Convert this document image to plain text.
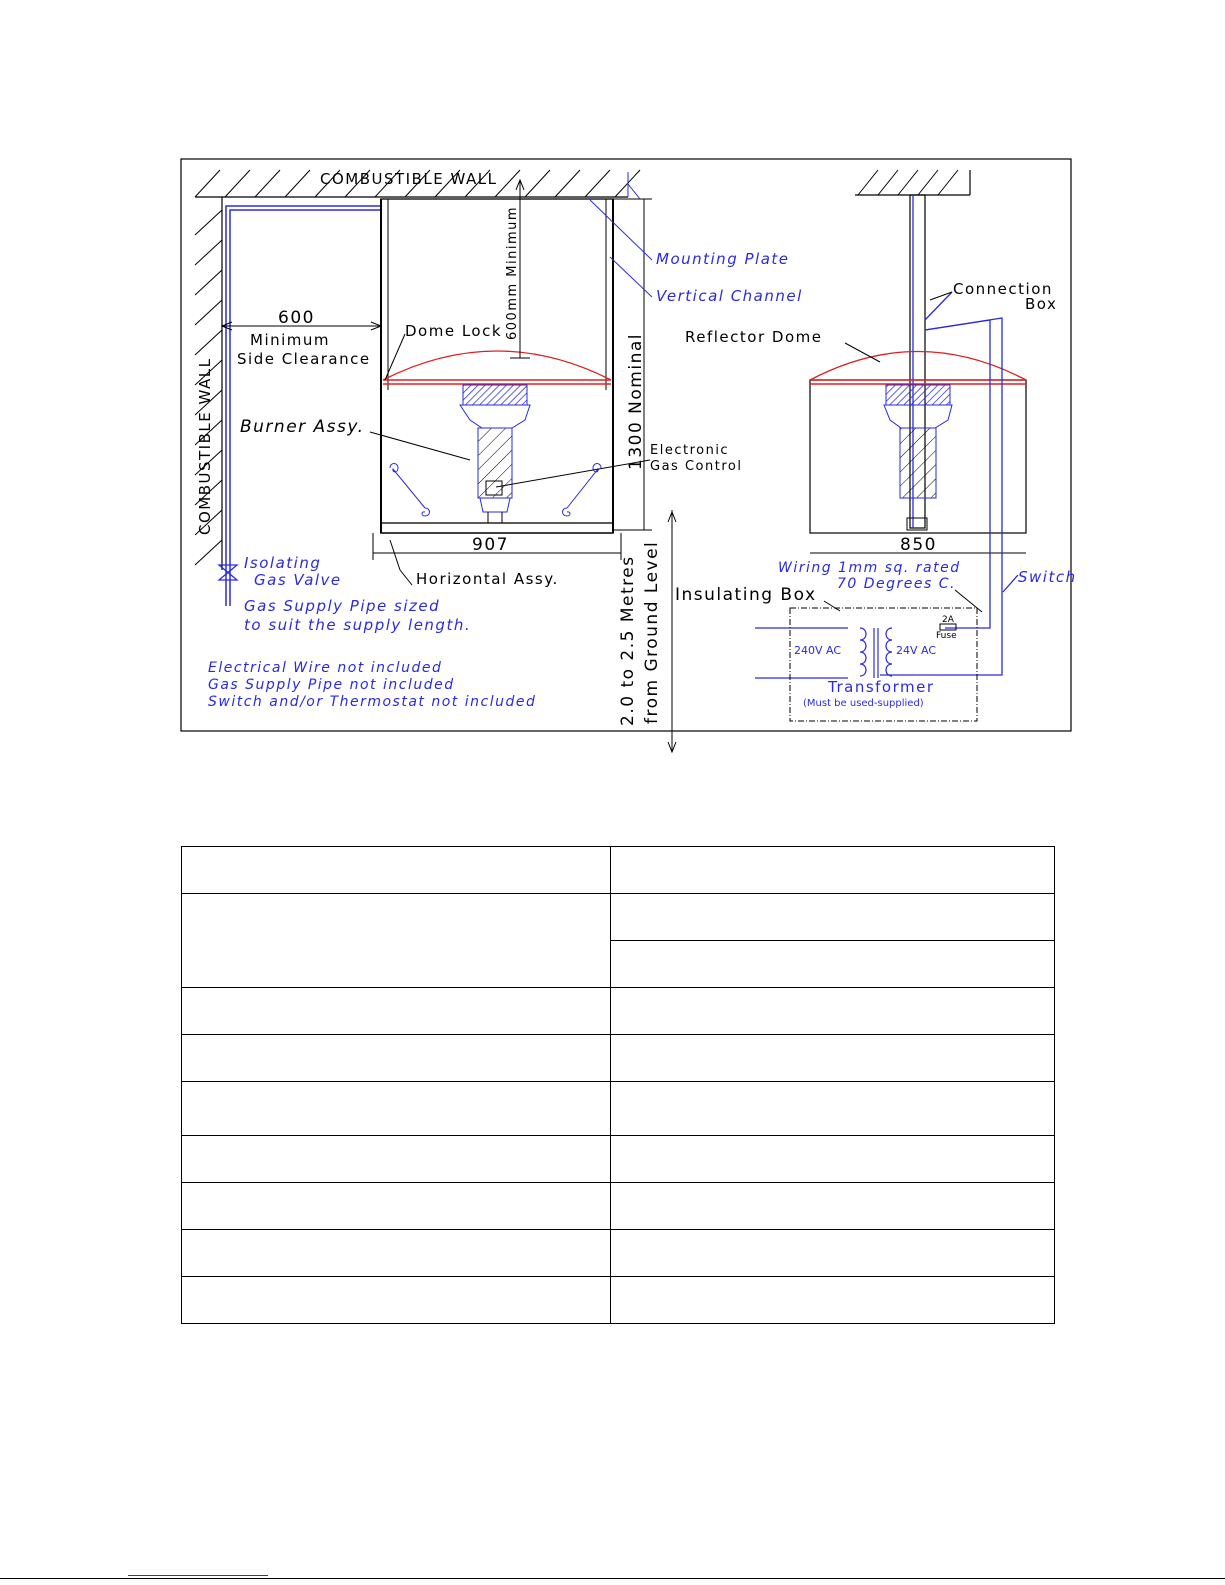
COMBUSTIBLE WALL
COMBUSTIBLE WALL
600
Minimum
Side Clearance
Dome Lock 600mm Minimum	Mounting Plate
Vertical Channel
1300 Nominal
Burner Assy.
Electronic
Gas Control
907
Horizontal Assy.
Isolating
Gas Valve
Gas Supply Pipe sized
to suit the supply length.
Electrical Wire not included
Gas Supply Pipe not included
Switch and/or Thermostat not included	2.0 to 2.5 Metres from Ground Level
Connection
Box
Reflector Dome
850
Wiring 1mm sq. rated
70 Degrees C.	Switch
Insulating Box
2A
Fuse
240V AC	24V AC
Transformer
(Must be used-supplied)
